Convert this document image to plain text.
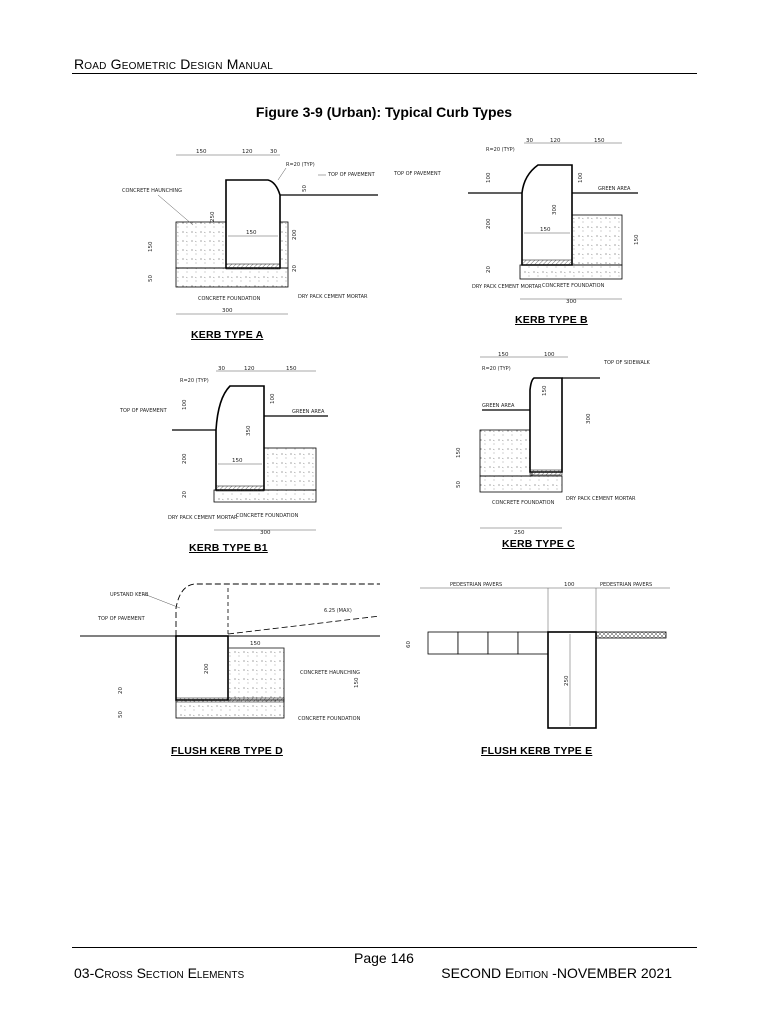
Road Geometric Design Manual
Figure 3-9 (Urban): Typical Curb Types
150	120	30
R=20 (TYP)
TOP OF PAVEMENT
CONCRETE HAUNCHING	50
250
200
150
150
50
20
CONCRETE FOUNDATION	DRY PACK CEMENT MORTAR
300
KERB TYPE A
30	120	150
R=20 (TYP)
TOP OF PAVEMENT
GREEN AREA
100	100
200
300
150
150
20
CONCRETE FOUNDATION
DRY PACK CEMENT MORTAR
300
KERB TYPE B
30	120	150
R=20 (TYP)
TOP OF PAVEMENT	GREEN AREA
100
100
350
200	150
20
CONCRETE FOUNDATION
DRY PACK CEMENT MORTAR
300
KERB TYPE B1
150	100
R=20 (TYP)
TOP OF SIDEWALK
GREEN AREA
150
300
150
50
CONCRETE FOUNDATION
DRY PACK CEMENT MORTAR
250
KERB TYPE C
UPSTAND KERB
TOP OF PAVEMENT
6.25 (MAX)
150
200	CONCRETE HAUNCHING
150
20
50
CONCRETE FOUNDATION
FLUSH KERB TYPE D
PEDESTRIAN PAVERS	100	PEDESTRIAN PAVERS
60
250
FLUSH KERB TYPE E
Page 146
03-Cross Section Elements	SECOND Edition -NOVEMBER 2021
